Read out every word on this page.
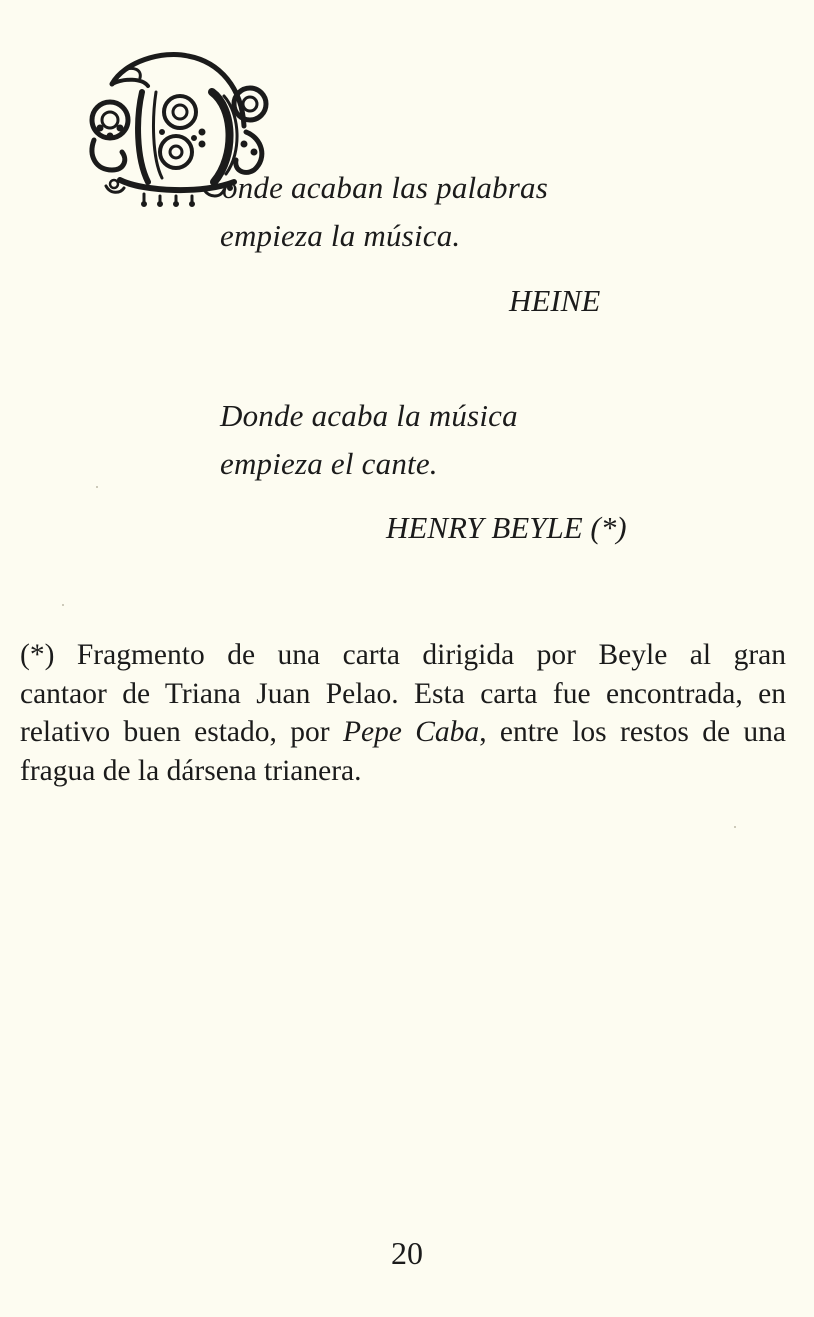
onde acaban las palabras
empieza la música.
HEINE
Donde acaba la música
empieza el cante.
HENRY BEYLE (*)
(*) Fragmento de una carta dirigida por Beyle al gran
cantaor de Triana Juan Pelao. Esta carta fue encontrada, en
relativo buen estado, por Pepe Caba, entre los restos de una
fragua de la dársena trianera.
20
